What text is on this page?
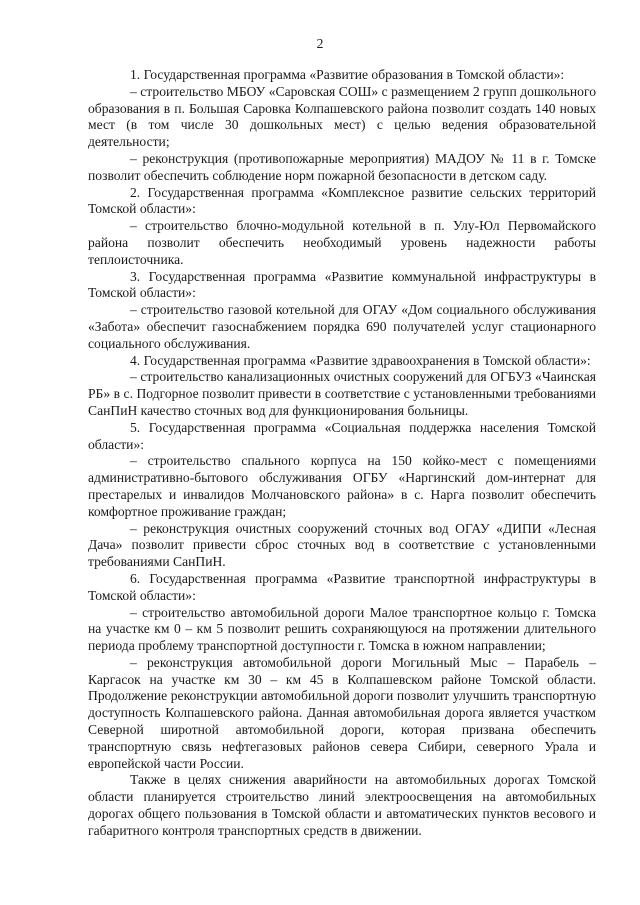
2

1. Государственная программа «Развитие образования в Томской области»:

– строительство МБОУ «Саровская СОШ» с размещением 2 групп дошкольного образования в п. Большая Саровка Колпашевского района позволит создать 140 новых мест (в том числе 30 дошкольных мест) с целью ведения образовательной деятельности;

– реконструкция (противопожарные мероприятия) МАДОУ № 11 в г. Томске позволит обеспечить соблюдение норм пожарной безопасности в детском саду.

2. Государственная программа «Комплексное развитие сельских территорий Томской области»:

– строительство блочно-модульной котельной в п. Улу-Юл Первомайского района позволит обеспечить необходимый уровень надежности работы теплоисточника.

3. Государственная программа «Развитие коммунальной инфраструктуры в Томской области»:

– строительство газовой котельной для ОГАУ «Дом социального обслуживания «Забота» обеспечит газоснабжением порядка 690 получателей услуг стационарного социального обслуживания.

4. Государственная программа «Развитие здравоохранения в Томской области»:

– строительство канализационных очистных сооружений для ОГБУЗ «Чаинская РБ» в с. Подгорное позволит привести в соответствие с установленными требованиями СанПиН качество сточных вод для функционирования больницы.

5. Государственная программа «Социальная поддержка населения Томской области»:

– строительство спального корпуса на 150 койко-мест с помещениями административно-бытового обслуживания ОГБУ «Наргинский дом-интернат для престарелых и инвалидов Молчановского района» в с. Нарга позволит обеспечить комфортное проживание граждан;

– реконструкция очистных сооружений сточных вод ОГАУ «ДИПИ «Лесная Дача» позволит привести сброс сточных вод в соответствие с установленными требованиями СанПиН.

6. Государственная программа «Развитие транспортной инфраструктуры в Томской области»:

– строительство автомобильной дороги Малое транспортное кольцо г. Томска на участке км 0 – км 5 позволит решить сохраняющуюся на протяжении длительного периода проблему транспортной доступности г. Томска в южном направлении;

– реконструкция автомобильной дороги Могильный Мыс – Парабель – Каргасок на участке км 30 – км 45 в Колпашевском районе Томской области. Продолжение реконструкции автомобильной дороги позволит улучшить транспортную доступность Колпашевского района. Данная автомобильная дорога является участком Северной широтной автомобильной дороги, которая призвана обеспечить транспортную связь нефтегазовых районов севера Сибири, северного Урала и европейской части России.

Также в целях снижения аварийности на автомобильных дорогах Томской области планируется строительство линий электроосвещения на автомобильных дорогах общего пользования в Томской области и автоматических пунктов весового и габаритного контроля транспортных средств в движении.
